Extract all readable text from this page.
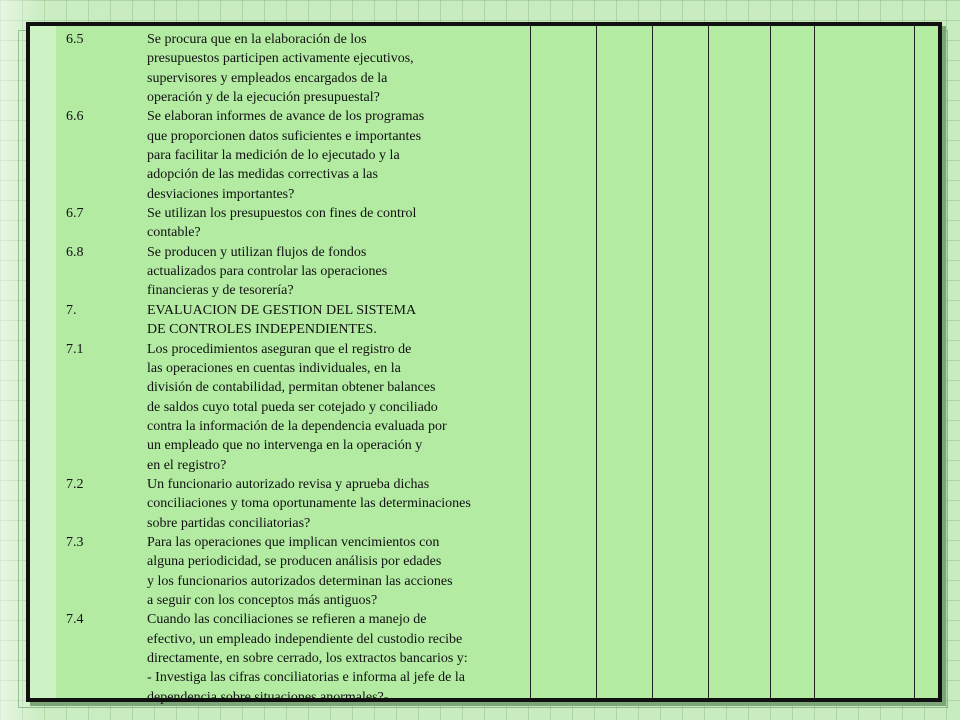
6.5	Se procura que en la elaboración de los
presupuestos participen activamente ejecutivos,
supervisores y empleados encargados de la
operación y de la ejecución presupuestal?
6.6	Se elaboran informes de avance de los programas
que proporcionen datos suficientes e importantes
para facilitar la medición de lo ejecutado y la
adopción de las medidas correctivas a las
desviaciones importantes?
6.7	Se utilizan los presupuestos con fines de control
contable?
6.8	Se producen y utilizan flujos de fondos
actualizados para controlar las operaciones
financieras y de tesorería?
7.	EVALUACION DE GESTION DEL SISTEMA
DE CONTROLES INDEPENDIENTES.
7.1	Los procedimientos aseguran que el registro de
las operaciones en cuentas individuales, en la
división de contabilidad, permitan obtener balances
de saldos cuyo total pueda ser cotejado y conciliado
contra la información de la dependencia evaluada por
un empleado que no intervenga en la operación y
en el registro?
7.2	Un funcionario autorizado revisa y aprueba dichas
conciliaciones y toma oportunamente las determinaciones
sobre partidas conciliatorias?
7.3	Para las operaciones que implican vencimientos con
alguna periodicidad, se producen análisis por edades
y los funcionarios autorizados determinan las acciones
a seguir con los conceptos más antiguos?
7.4	Cuando las conciliaciones se refieren a manejo de
efectivo, un empleado independiente del custodio recibe
directamente, en sobre cerrado, los extractos bancarios y:
- Investiga las cifras conciliatorias e informa al jefe de la
dependencia sobre situaciones anormales?-
